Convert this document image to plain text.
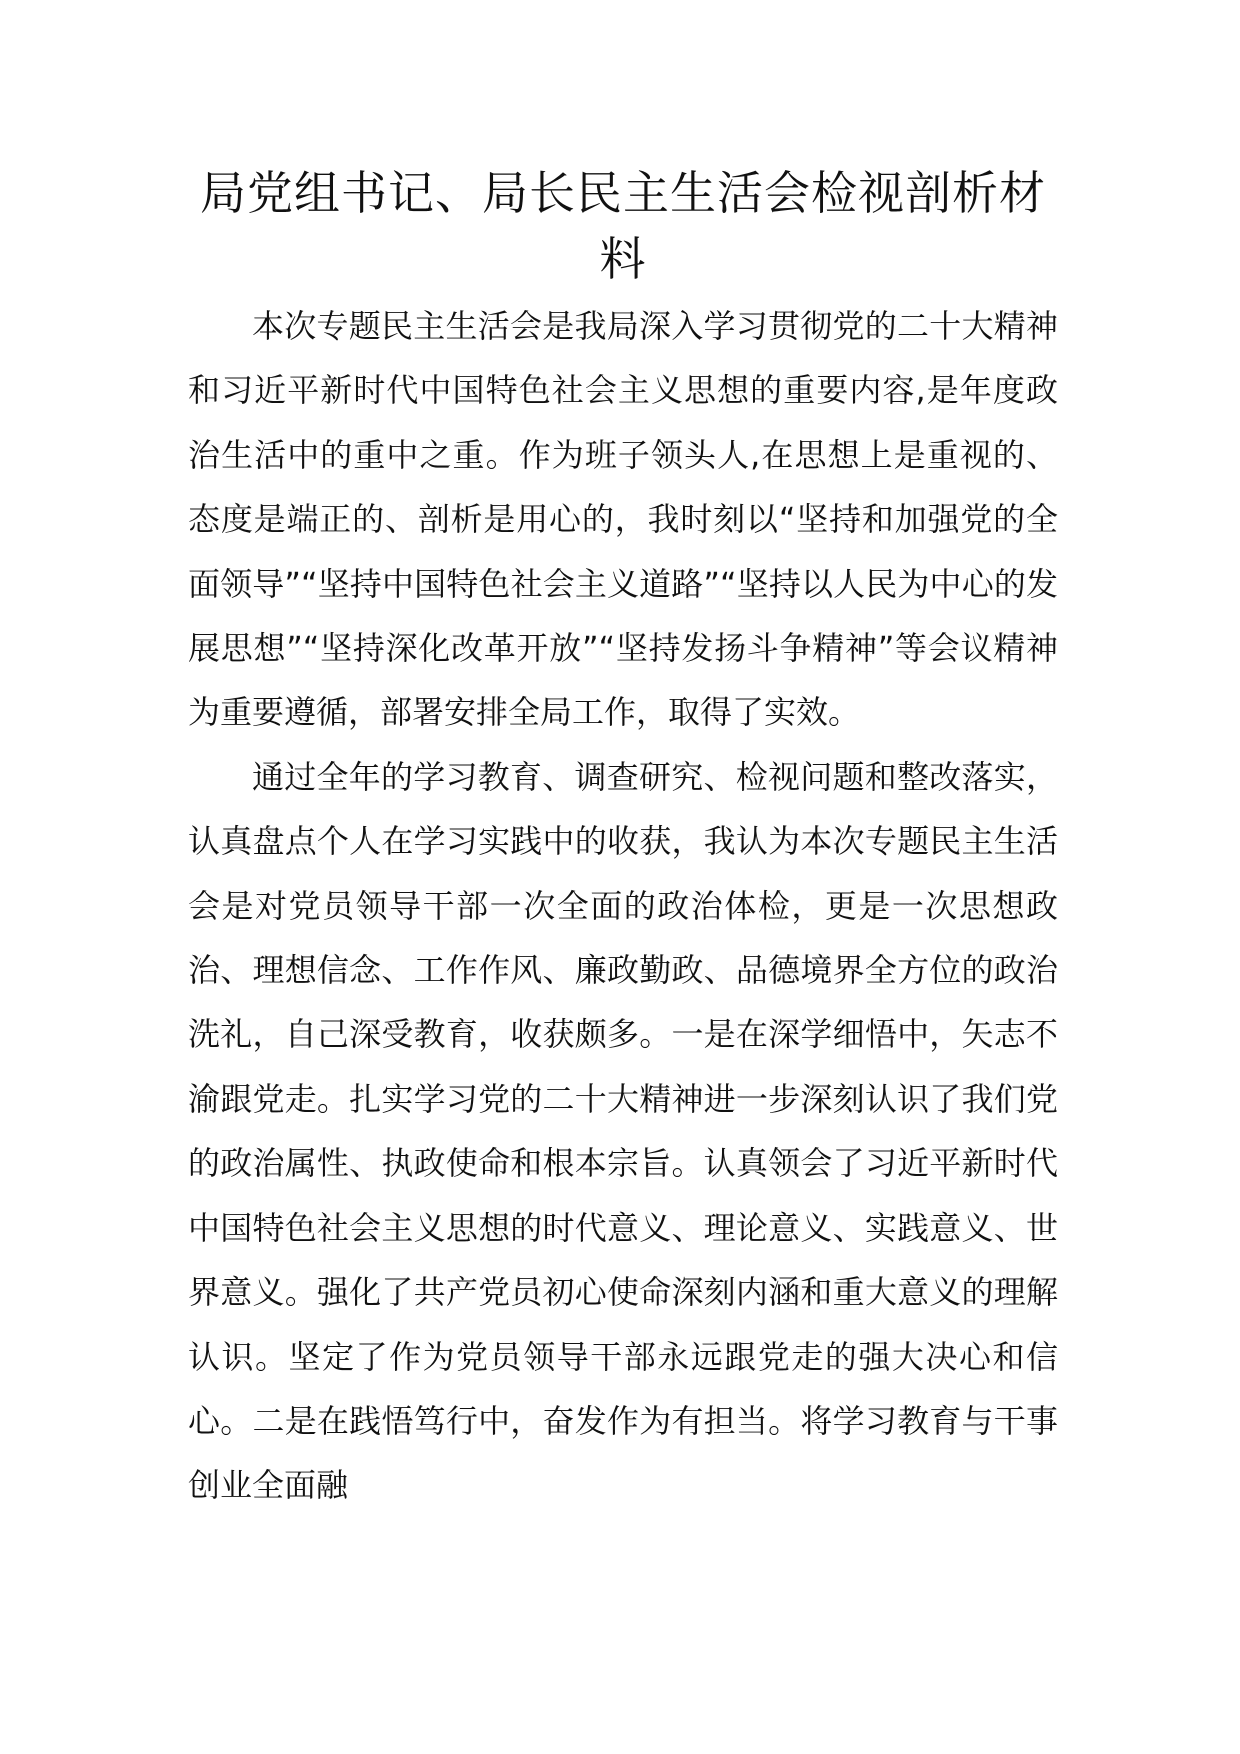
局党组书记、局长民主生活会检视剖析材料

本次专题民主生活会是我局深入学习贯彻党的二十大精神和习近平新时代中国特色社会主义思想的重要内容,是年度政治生活中的重中之重。作为班子领头人,在思想上是重视的、态度是端正的、剖析是用心的，我时刻以“坚持和加强党的全面领导”“坚持中国特色社会主义道路”“坚持以人民为中心的发展思想”“坚持深化改革开放”“坚持发扬斗争精神”等会议精神为重要遵循，部署安排全局工作，取得了实效。

通过全年的学习教育、调查研究、检视问题和整改落实，认真盘点个人在学习实践中的收获，我认为本次专题民主生活会是对党员领导干部一次全面的政治体检，更是一次思想政治、理想信念、工作作风、廉政勤政、品德境界全方位的政治洗礼，自己深受教育，收获颇多。一是在深学细悟中，矢志不渝跟党走。扎实学习党的二十大精神进一步深刻认识了我们党的政治属性、执政使命和根本宗旨。认真领会了习近平新时代中国特色社会主义思想的时代意义、理论意义、实践意义、世界意义。强化了共产党员初心使命深刻内涵和重大意义的理解认识。坚定了作为党员领导干部永远跟党走的强大决心和信心。二是在践悟笃行中，奋发作为有担当。将学习教育与干事创业全面融
